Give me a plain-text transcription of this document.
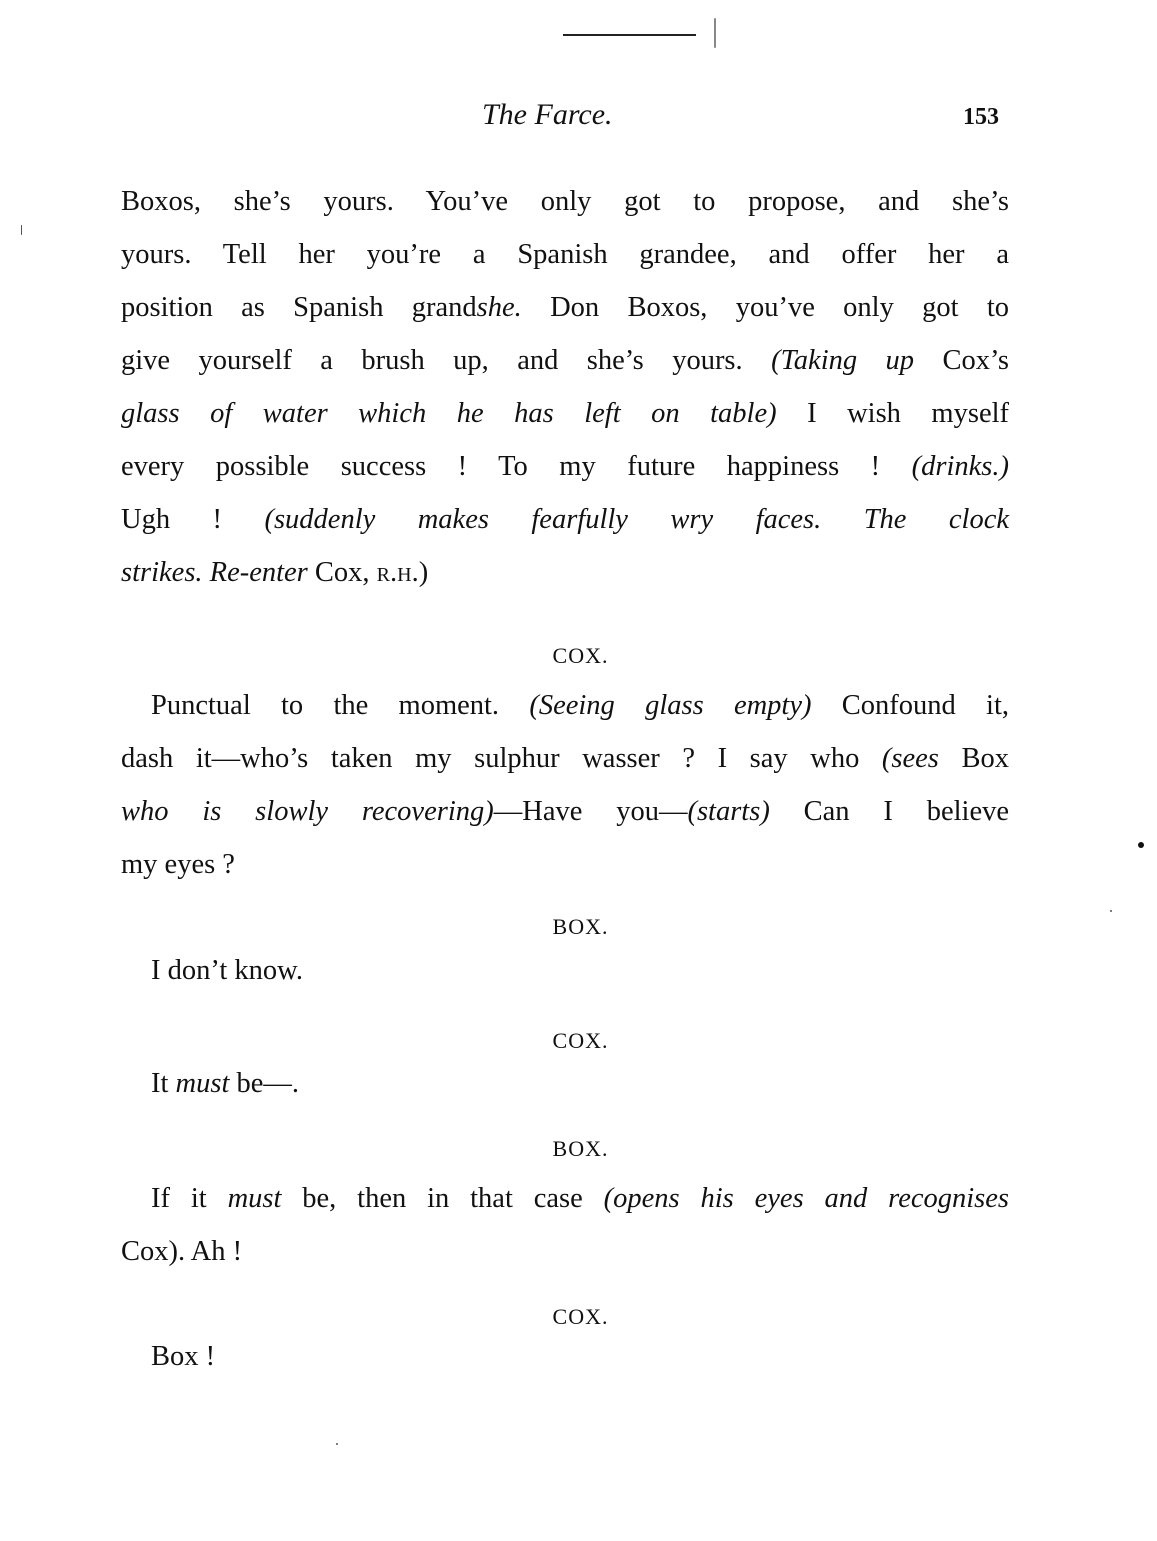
The Farce.	153
Boxos, she’s yours. You’ve only got to propose, and she’s
yours. Tell her you’re a Spanish grandee, and offer her a
position as Spanish grandshe. Don Boxos, you’ve only got to
give yourself a brush up, and she’s yours. (Taking up Cox’s
glass of water which he has left on table) I wish myself
every possible success ! To my future happiness ! (drinks.)
Ugh ! (suddenly makes fearfully wry faces. The clock
strikes. Re-enter Cox, r.h.)
COX.
Punctual to the moment. (Seeing glass empty) Confound it,
dash it—who’s taken my sulphur wasser ? I say who (sees Box
who is slowly recovering)—Have you—(starts) Can I believe
my eyes ?
BOX.
I don’t know.
COX.
It must be—.
BOX.
If it must be, then in that case (opens his eyes and recognises
Cox). Ah !
COX.
Box !
